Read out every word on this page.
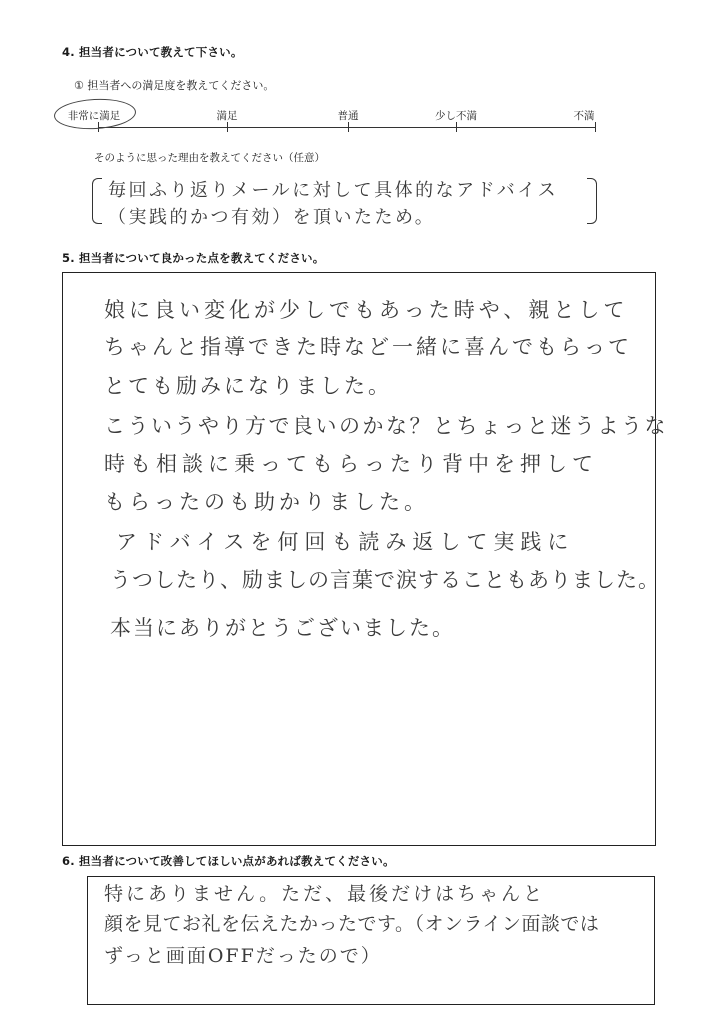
4. 担当者について教えて下さい。
① 担当者への満足度を教えてください。
非常に満足	満足	普通	少し不満	不満
そのように思った理由を教えてください（任意）
毎回ふり返りメールに対して具体的なアドバイス
（実践的かつ有効）を頂いたため。
5. 担当者について良かった点を教えてください。
娘に良い変化が少しでもあった時や、親として
ちゃんと指導できた時など一緒に喜んでもらって
とても励みになりました。
こういうやり方で良いのかな？とちょっと迷うような
時も相談に乗ってもらったり背中を押して
もらったのも助かりました。
アドバイスを何回も読み返して実践に
うつしたり、励ましの言葉で涙することもありました。
本当にありがとうございました。
6. 担当者について改善してほしい点があれば教えてください。
特にありません。ただ、最後だけはちゃんと
顔を見てお礼を伝えたかったです。（オンライン面談では
ずっと画面OFFだったので）
